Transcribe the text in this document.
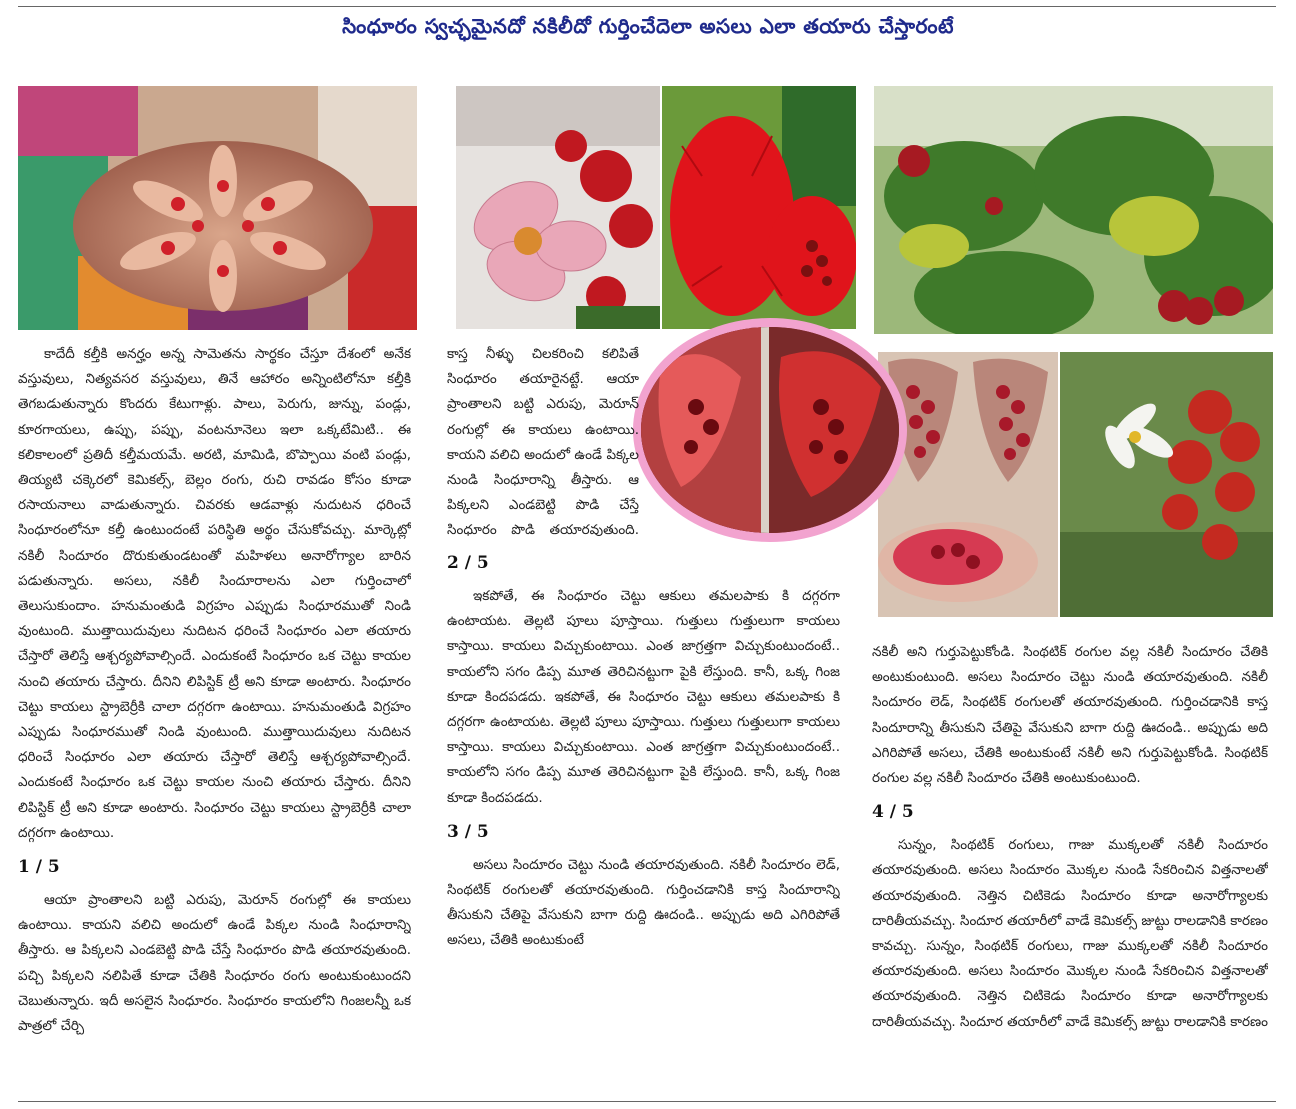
సింధూరం స్వచ్ఛమైనదో నకిలీదో గుర్తించేదెలా అసలు ఎలా తయారు చేస్తారంటే

కాదేదీ కల్తీకి అనర్హం అన్న సామెతను సార్థకం చేస్తూ దేశంలో అనేక వస్తువులు, నిత్యవసర వస్తువులు, తినే ఆహారం అన్నింటిలోనూ కల్తీకి తెగబడుతున్నారు కొందరు కేటుగాళ్లు. పాలు, పెరుగు, జున్ను, పండ్లు, కూరగాయలు, ఉప్పు, పప్పు, వంటనూనెలు ఇలా ఒక్కటేమిటి.. ఈ కలికాలంలో ప్రతిదీ కల్తీమయమే. అరటి, మామిడి, బొప్పాయి వంటి పండ్లు, తియ్యటి చక్కెరలో కెమికల్స్, బెల్లం రంగు, రుచి రావడం కోసం కూడా రసాయనాలు వాడుతున్నారు. చివరకు ఆడవాళ్లు నుదుటన ధరించే సింధూరంలోనూ కల్తీ ఉంటుందంటే పరిస్థితి అర్థం చేసుకోవచ్చు. మార్కెట్లో నకిలీ సిందూరం దొరుకుతుండటంతో మహిళలు అనారోగ్యాల బారిన పడుతున్నారు. అసలు, నకిలీ సిందూరాలను ఎలా గుర్తించాలో తెలుసుకుందాం. హనుమంతుడి విగ్రహం ఎప్పుడు సింధూరముతో నిండి వుంటుంది. ముత్తాయిదువులు నుదిటన ధరించే సింధూరం ఎలా తయారు చేస్తారో తెలిస్తే ఆశ్చర్యపోవాల్సిందే. ఎందుకంటే సింధూరం ఒక చెట్టు కాయల నుంచి తయారు చేస్తారు. దీనిని లిపిస్టిక్ ట్రీ అని కూడా అంటారు. సింధూరం చెట్టు కాయలు స్ట్రాబెర్రీకి చాలా దగ్గరగా ఉంటాయి. హనుమంతుడి విగ్రహం ఎప్పుడు సింధూరముతో నిండి వుంటుంది. ముత్తాయిదువులు నుదిటన ధరించే సింధూరం ఎలా తయారు చేస్తారో తెలిస్తే ఆశ్చర్యపోవాల్సిందే. ఎందుకంటే సింధూరం ఒక చెట్టు కాయల నుంచి తయారు చేస్తారు. దీనిని లిపిస్టిక్ ట్రీ అని కూడా అంటారు. సింధూరం చెట్టు కాయలు స్ట్రాబెర్రీకి చాలా దగ్గరగా ఉంటాయి.

1 / 5

ఆయా ప్రాంతాలని బట్టి ఎరుపు, మెరూన్ రంగుల్లో ఈ కాయలు ఉంటాయి. కాయని వలిచి అందులో ఉండే పిక్కల నుండి సింధూరాన్ని తీస్తారు. ఆ పిక్కలని ఎండబెట్టి పొడి చేస్తే సింధూరం పొడి తయారవుతుంది. పచ్చి పిక్కలని నలిపితే కూడా చేతికి సింధూరం రంగు అంటుకుంటుందని చెబుతున్నారు. ఇదీ అసలైన సింధూరం. సింధూరం కాయలోని గింజలన్నీ ఒక పాత్రలో చేర్చి

కాస్త నీళ్ళు చిలకరించి కలిపితే సింధూరం తయారైనట్టే. ఆయా ప్రాంతాలని బట్టి ఎరుపు, మెరూన్ రంగుల్లో ఈ కాయలు ఉంటాయి. కాయని వలిచి అందులో ఉండే పిక్కల నుండి సింధూరాన్ని తీస్తారు. ఆ పిక్కలని ఎండబెట్టి పొడి చేస్తే సింధూరం పొడి తయారవుతుంది.

2 / 5

ఇకపోతే, ఈ సింధూరం చెట్టు ఆకులు తమలపాకు కి దగ్గరగా ఉంటాయట. తెల్లటి పూలు పూస్తాయి. గుత్తులు గుత్తులుగా కాయలు కాస్తాయి. కాయలు విచ్చుకుంటాయి. ఎంత జాగ్రత్తగా విచ్చుకుంటుందంటే.. కాయలోని సగం డిప్ప మూత తెరిచినట్టుగా పైకి లేస్తుంది. కానీ, ఒక్క గింజ కూడా కిందపడదు. ఇకపోతే, ఈ సింధూరం చెట్టు ఆకులు తమలపాకు కి దగ్గరగా ఉంటాయట. తెల్లటి పూలు పూస్తాయి. గుత్తులు గుత్తులుగా కాయలు కాస్తాయి. కాయలు విచ్చుకుంటాయి. ఎంత జాగ్రత్తగా విచ్చుకుంటుందంటే.. కాయలోని సగం డిప్ప మూత తెరిచినట్టుగా పైకి లేస్తుంది. కానీ, ఒక్క గింజ కూడా కిందపడదు.

3 / 5

అసలు సిందూరం చెట్టు నుండి తయారవుతుంది. నకిలీ సిందూరం లెడ్, సింథటిక్ రంగులతో తయారవుతుంది. గుర్తించడానికి కాస్త సిందూరాన్ని తీసుకుని చేతిపై వేసుకుని బాగా రుద్ది ఊదండి.. అప్పుడు అది ఎగిరిపోతే అసలు, చేతికి అంటుకుంటే

నకిలీ అని గుర్తుపెట్టుకోండి. సింథటిక్ రంగుల వల్ల నకిలీ సిందూరం చేతికి అంటుకుంటుంది. అసలు సిందూరం చెట్టు నుండి తయారవుతుంది. నకిలీ సిందూరం లెడ్, సింథటిక్ రంగులతో తయారవుతుంది. గుర్తించడానికి కాస్త సిందూరాన్ని తీసుకుని చేతిపై వేసుకుని బాగా రుద్ది ఊదండి.. అప్పుడు అది ఎగిరిపోతే అసలు, చేతికి అంటుకుంటే నకిలీ అని గుర్తుపెట్టుకోండి. సింథటిక్ రంగుల వల్ల నకిలీ సిందూరం చేతికి అంటుకుంటుంది.

4 / 5

సున్నం, సింథటిక్ రంగులు, గాజు ముక్కలతో నకిలీ సిందూరం తయారవుతుంది. అసలు సిందూరం మొక్కల నుండి సేకరించిన విత్తనాలతో తయారవుతుంది. నెత్తిన చిటికెడు సిందూరం కూడా అనారోగ్యాలకు దారితీయవచ్చు. సిందూర తయారీలో వాడే కెమికల్స్ జుట్టు రాలడానికి కారణం కావచ్చు. సున్నం, సింథటిక్ రంగులు, గాజు ముక్కలతో నకిలీ సిందూరం తయారవుతుంది. అసలు సిందూరం మొక్కల నుండి సేకరించిన విత్తనాలతో తయారవుతుంది. నెత్తిన చిటికెడు సిందూరం కూడా అనారోగ్యాలకు దారితీయవచ్చు. సిందూర తయారీలో వాడే కెమికల్స్ జుట్టు రాలడానికి కారణం
